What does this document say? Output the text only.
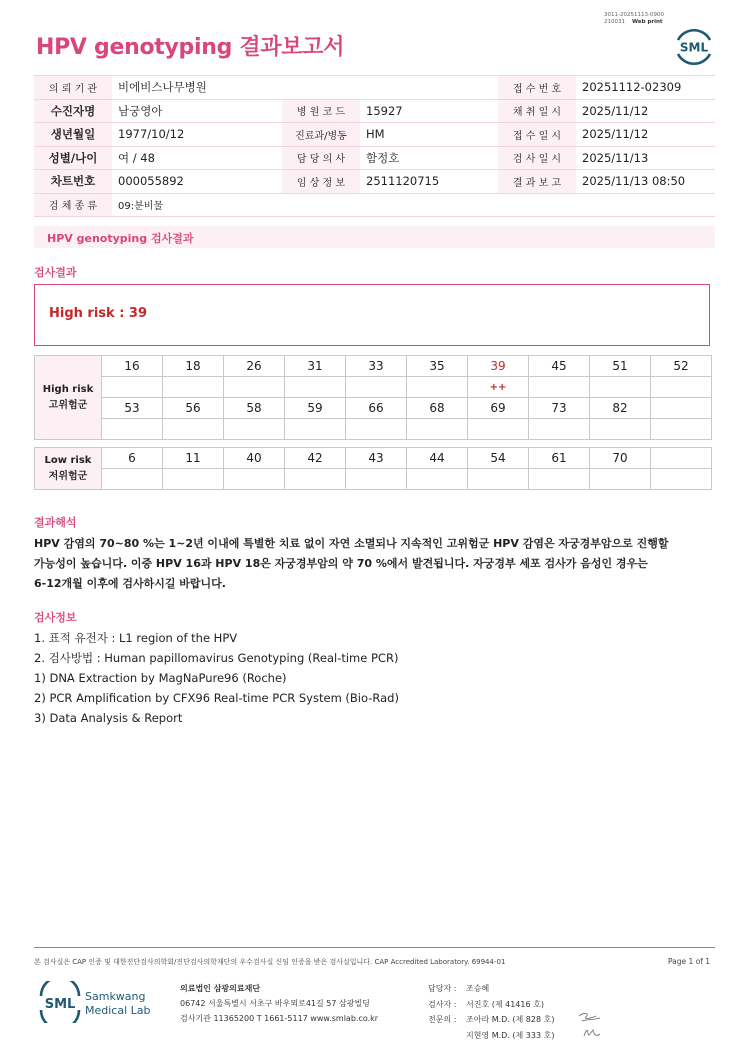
3011-20251113-0900
210031 Web print
HPV genotyping 결과보고서	SML
의 뢰 기 관	비에비스나무병원			접 수 번 호	20251112-02309
수진자명	남궁영아	병 원 코 드	15927	채 취 일 시	2025/11/12
생년월일	1977/10/12	진료과/병동	HM	접 수 일 시	2025/11/12
성별/나이	여 / 48	담 당 의 사	함정호	검 사 일 시	2025/11/13
차트번호	000055892	임 상 정 보	2511120715	결 과 보 고	2025/11/13 08:50
검 체 종 류	09:분비물				
HPV genotyping 검사결과
검사결과
High risk : 39
High risk
고위험군	16	18	26	31	33	35	39	45	51	52
							++			
	53	56	58	59	66	68	69	73	82	

Low risk
저위험군	6	11	40	42	43	44	54	61	70	

결과해석
HPV 감염의 70~80 %는 1~2년 이내에 특별한 치료 없이 자연 소멸되나 지속적인 고위험군 HPV 감염은 자궁경부암으로 진행할
가능성이 높습니다. 이중 HPV 16과 HPV 18은 자궁경부암의 약 70 %에서 발견됩니다. 자궁경부 세포 검사가 음성인 경우는
6-12개월 이후에 검사하시길 바랍니다.
검사정보
1. 표적 유전자 : L1 region of the HPV
2. 검사방법 : Human papillomavirus Genotyping (Real-time PCR)
1) DNA Extraction by MagNaPure96 (Roche)
2) PCR Amplification by CFX96 Real-time PCR System (Bio-Rad)
3) Data Analysis & Report
본 검사실은 CAP 인증 및 대한진단검사의학회/진단검사의학재단의 우수검사실 신임 인증을 받은 검사실입니다. CAP Accredited Laboratory. 69944-01	Page 1 of 1
SML
Samkwang
Medical Lab
의료법인 삼광의료재단
06742 서울특별시 서초구 바우뫼로41길 57 삼광빌딩
검사기관 11365200 T 1661-5117 www.smlab.co.kr
담당자 : 조승혜
검사자 : 서진호 (제 41416 호)
전문의 : 조아라 M.D. (제 828 호)
지현영 M.D. (제 333 호)
